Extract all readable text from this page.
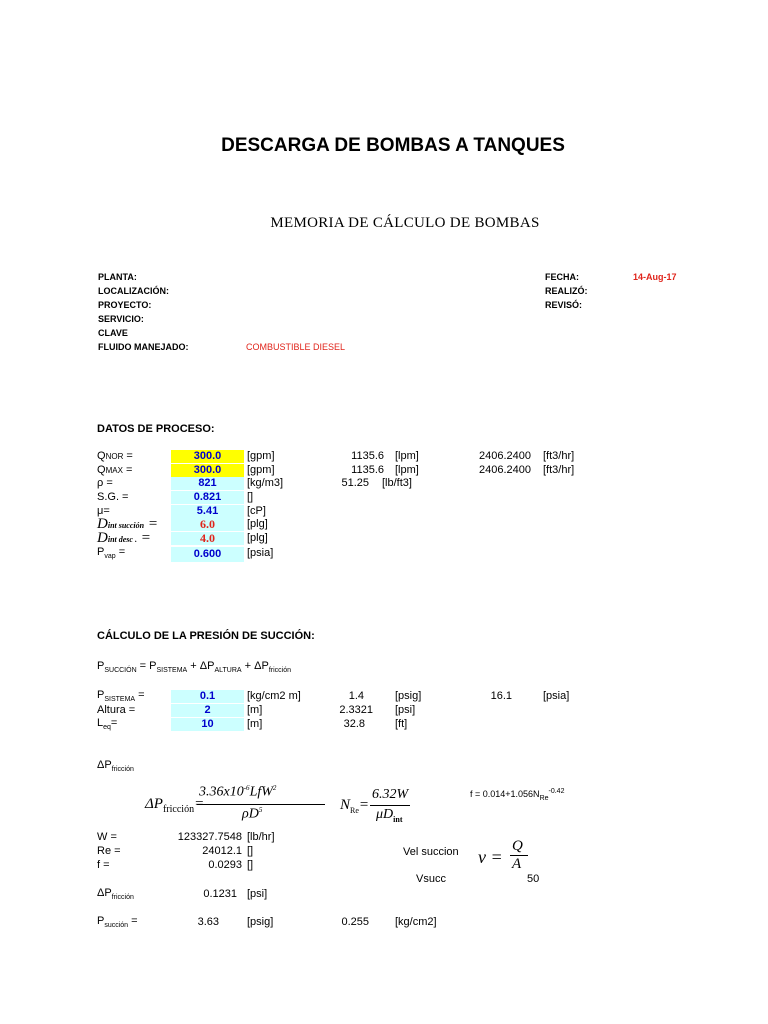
DESCARGA DE BOMBAS A TANQUES
MEMORIA DE CÁLCULO DE BOMBAS
PLANTA:
LOCALIZACIÓN:
PROYECTO:
SERVICIO:
CLAVE
FLUIDO MANEJADO:	COMBUSTIBLE DIESEL
FECHA:	14-Aug-17
REALIZÓ:
REVISÓ:
DATOS DE PROCESO:
QNOR =	300.0	[gpm]	1135.6 [lpm]	2406.2400 [ft3/hr]
QMAX =	300.0	[gpm]	1135.6 [lpm]	2406.2400 [ft3/hr]
ρ =	821	[kg/m3]	51.25 [lb/ft3]
S.G. =	0.821	[]
μ=	5.41	[cP]
Dint succión =	6.0	[plg]
Dint desc . =	4.0	[plg]
$P_{vap}$ =	0.600	[psia]
CÁLCULO DE LA PRESIÓN DE SUCCIÓN:
$P_{SUCCIÓN} = P_{SISTEMA} + \Delta P_{ALTURA} + \Delta P_{fricción}$
$P_{SISTEMA}$ =	0.1	[kg/cm2 m]	1.4	[psig]	16.1	[psia]
Altura =	2	[m]	2.3321 [psi]
$L_{eq}=$	10	[m]	32.8	[ft]
$\Delta P_{fricción}$
$\Delta P_{fricción}=$
$3.36x10^{-6}LfW^2$
$\rho D^5$	$N_{Re}=$
6.32W
$\mu D_{int}$
$f = 0.014+1.056N_{Re}^{-0.42}$
W =	123327.7548 [lb/hr]
Re =	24012.1 []
f =	0.0293 []
Vel succion ν =
Q
A
Vsucc	50
$\Delta P_{fricción}$	0.1231 [psi]
$P_{succión}$ =	3.63	[psig]	0.255 [kg/cm2]
